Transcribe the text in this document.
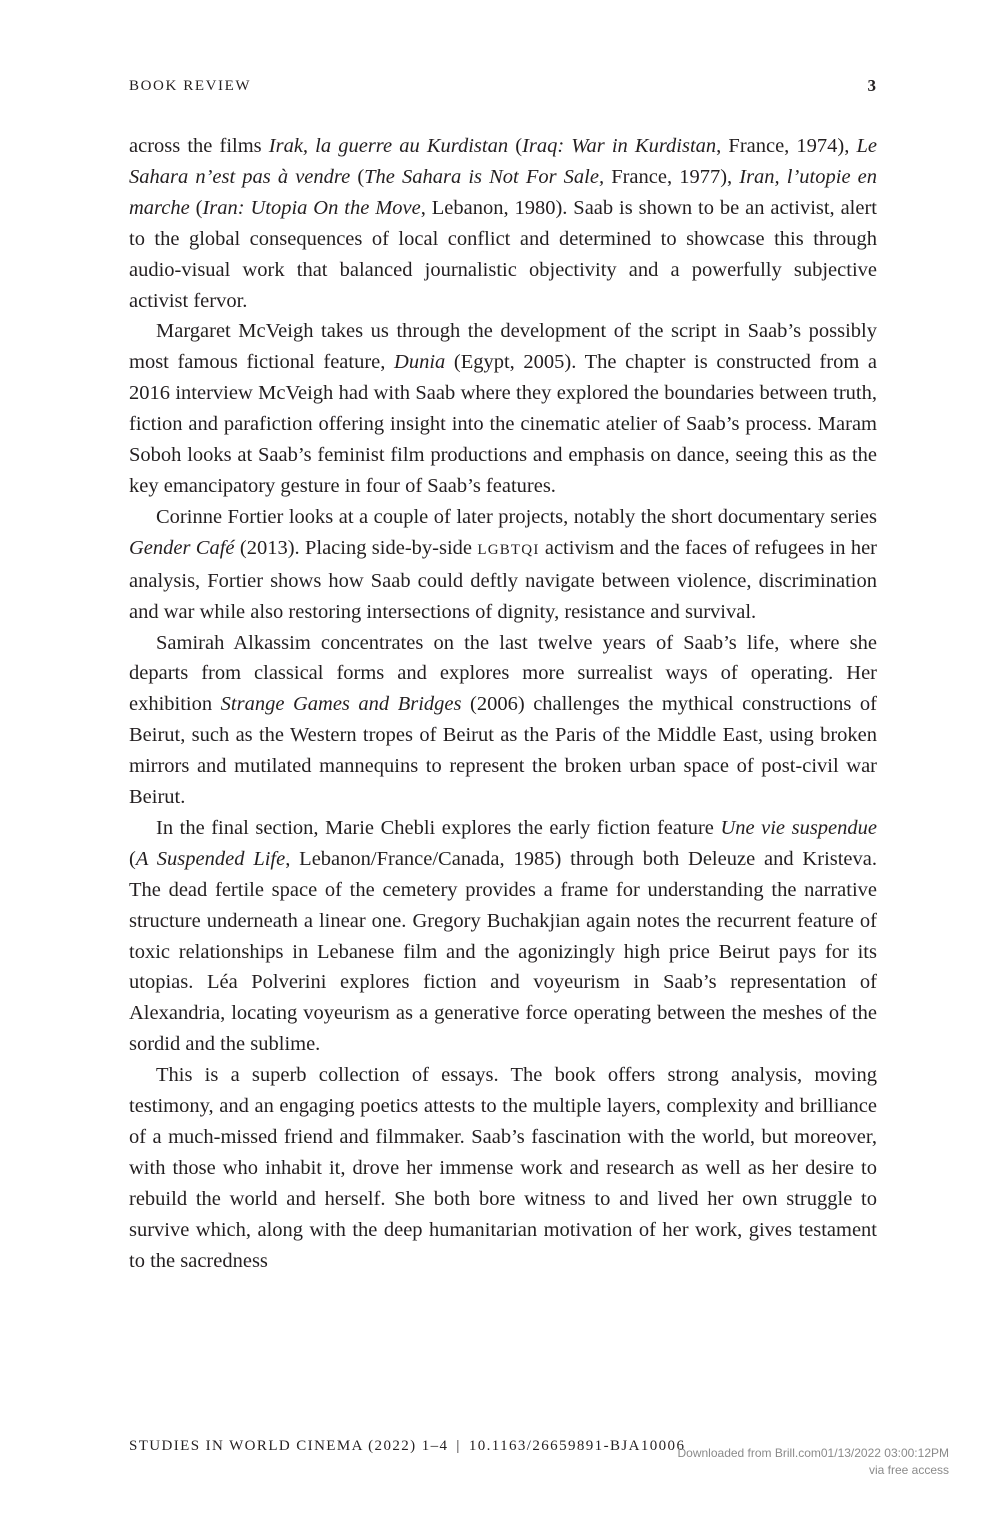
BOOK REVIEW	3

across the films Irak, la guerre au Kurdistan (Iraq: War in Kurdistan, France, 1974), Le Sahara n’est pas à vendre (The Sahara is Not For Sale, France, 1977), Iran, l’utopie en marche (Iran: Utopia On the Move, Lebanon, 1980). Saab is shown to be an activist, alert to the global consequences of local conflict and determined to showcase this through audio-visual work that balanced journalistic objectivity and a powerfully subjective activist fervor.

Margaret McVeigh takes us through the development of the script in Saab’s possibly most famous fictional feature, Dunia (Egypt, 2005). The chapter is constructed from a 2016 interview McVeigh had with Saab where they explored the boundaries between truth, fiction and parafiction offering insight into the cinematic atelier of Saab’s process. Maram Soboh looks at Saab’s feminist film productions and emphasis on dance, seeing this as the key emancipatory gesture in four of Saab’s features.

Corinne Fortier looks at a couple of later projects, notably the short documentary series Gender Café (2013). Placing side-by-side LGBTQI activism and the faces of refugees in her analysis, Fortier shows how Saab could deftly navigate between violence, discrimination and war while also restoring intersections of dignity, resistance and survival.

Samirah Alkassim concentrates on the last twelve years of Saab’s life, where she departs from classical forms and explores more surrealist ways of operating. Her exhibition Strange Games and Bridges (2006) challenges the mythical constructions of Beirut, such as the Western tropes of Beirut as the Paris of the Middle East, using broken mirrors and mutilated mannequins to represent the broken urban space of post-civil war Beirut.

In the final section, Marie Chebli explores the early fiction feature Une vie suspendue (A Suspended Life, Lebanon/France/Canada, 1985) through both Deleuze and Kristeva. The dead fertile space of the cemetery provides a frame for understanding the narrative structure underneath a linear one. Gregory Buchakjian again notes the recurrent feature of toxic relationships in Lebanese film and the agonizingly high price Beirut pays for its utopias. Léa Polverini explores fiction and voyeurism in Saab’s representation of Alexandria, locating voyeurism as a generative force operating between the meshes of the sordid and the sublime.

This is a superb collection of essays. The book offers strong analysis, moving testimony, and an engaging poetics attests to the multiple layers, complexity and brilliance of a much-missed friend and filmmaker. Saab’s fascination with the world, but moreover, with those who inhabit it, drove her immense work and research as well as her desire to rebuild the world and herself. She both bore witness to and lived her own struggle to survive which, along with the deep humanitarian motivation of her work, gives testament to the sacredness

STUDIES IN WORLD CINEMA (2022) 1–4 | 10.1163/26659891-BJA10006
Downloaded from Brill.com01/13/2022 03:00:12PM
via free access
